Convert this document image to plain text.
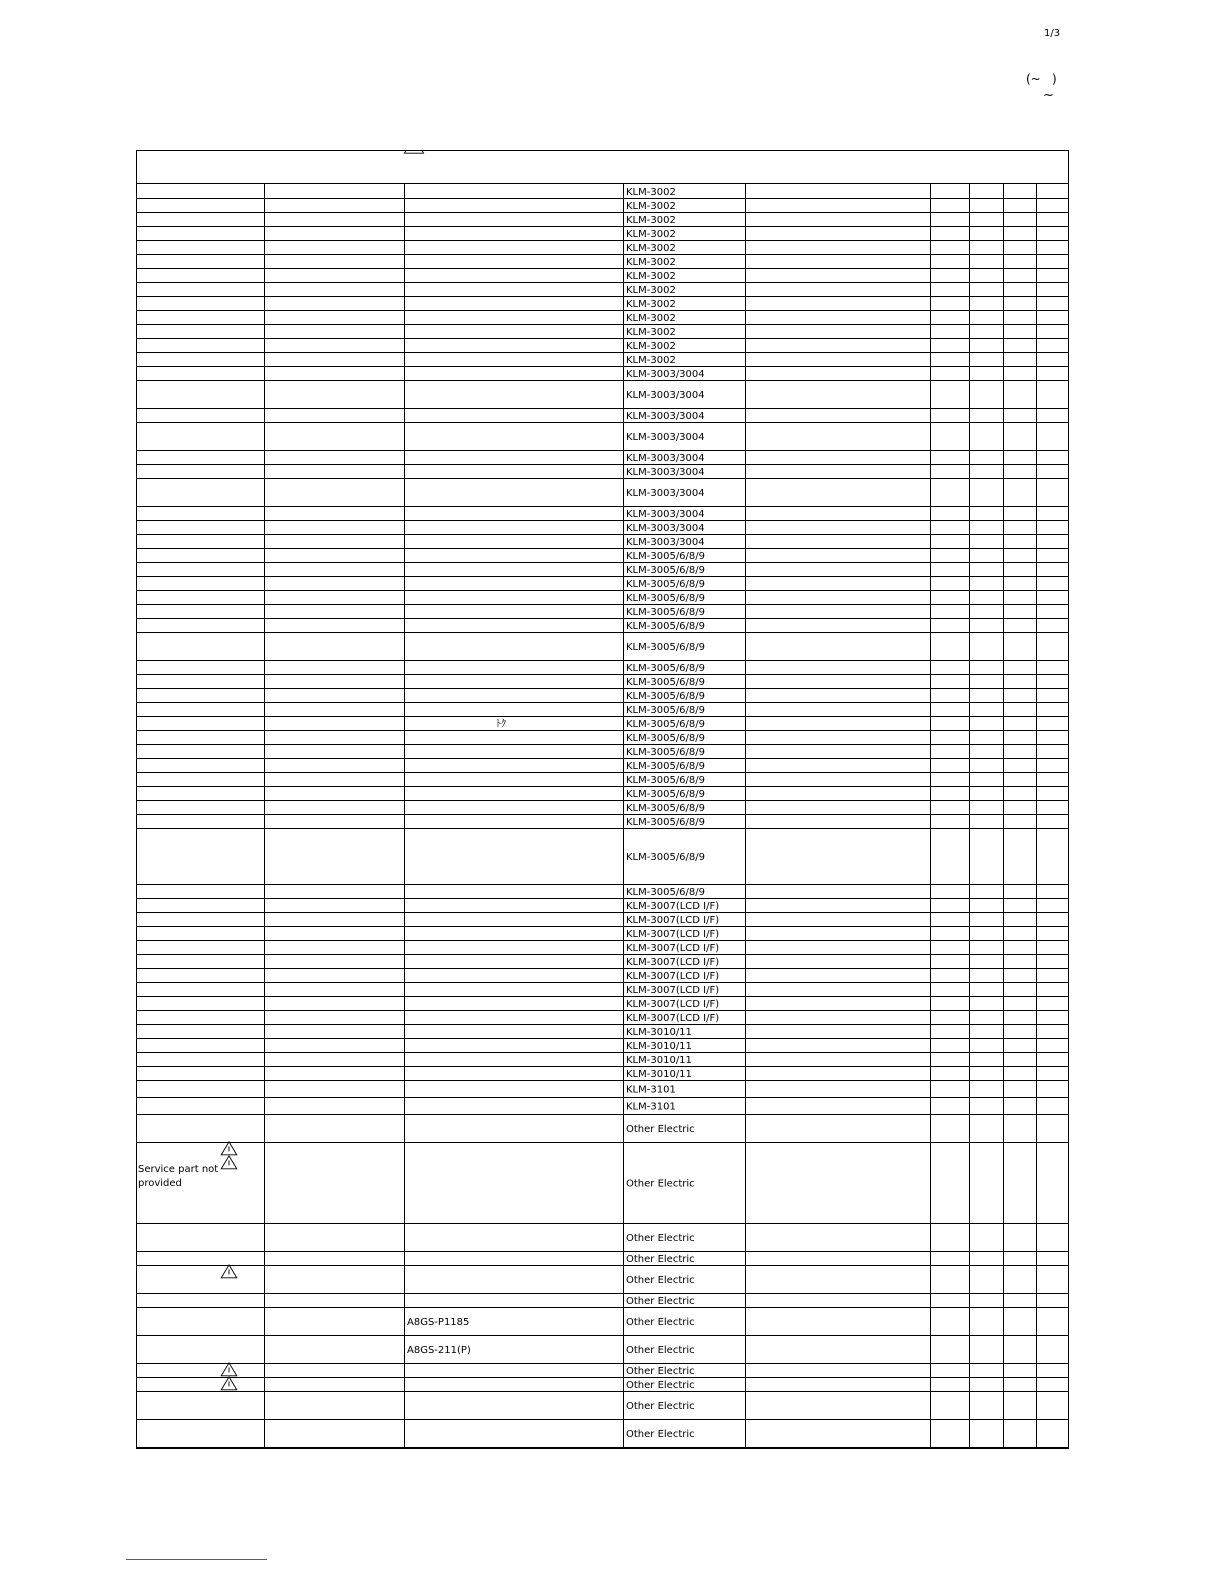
1/3
(~ )
~
KLM-3002
KLM-3002
KLM-3002
KLM-3002
KLM-3002
KLM-3002
KLM-3002
KLM-3002
KLM-3002
KLM-3002
KLM-3002
KLM-3002
KLM-3002
KLM-3003/3004
KLM-3003/3004
KLM-3003/3004
KLM-3003/3004
KLM-3003/3004
KLM-3003/3004
KLM-3003/3004
KLM-3003/3004
KLM-3003/3004
KLM-3003/3004
KLM-3005/6/8/9
KLM-3005/6/8/9
KLM-3005/6/8/9
KLM-3005/6/8/9
KLM-3005/6/8/9
KLM-3005/6/8/9
KLM-3005/6/8/9
KLM-3005/6/8/9
KLM-3005/6/8/9
KLM-3005/6/8/9
KLM-3005/6/8/9
KLM-3005/6/8/9
ﾄｸ
KLM-3005/6/8/9
KLM-3005/6/8/9
KLM-3005/6/8/9
KLM-3005/6/8/9
KLM-3005/6/8/9
KLM-3005/6/8/9
KLM-3005/6/8/9
KLM-3005/6/8/9
KLM-3005/6/8/9
KLM-3007(LCD I/F)
KLM-3007(LCD I/F)
KLM-3007(LCD I/F)
KLM-3007(LCD I/F)
KLM-3007(LCD I/F)
KLM-3007(LCD I/F)
KLM-3007(LCD I/F)
KLM-3007(LCD I/F)
KLM-3007(LCD I/F)
KLM-3010/11
KLM-3010/11
KLM-3010/11
KLM-3010/11
KLM-3101
KLM-3101
Other Electric
Other Electric
Service part not provided
Other Electric
Other Electric
Other Electric
Other Electric
Other Electric
A8GS-P1185
Other Electric
A8GS-211(P)
Other Electric
Other Electric
Other Electric
Other Electric
